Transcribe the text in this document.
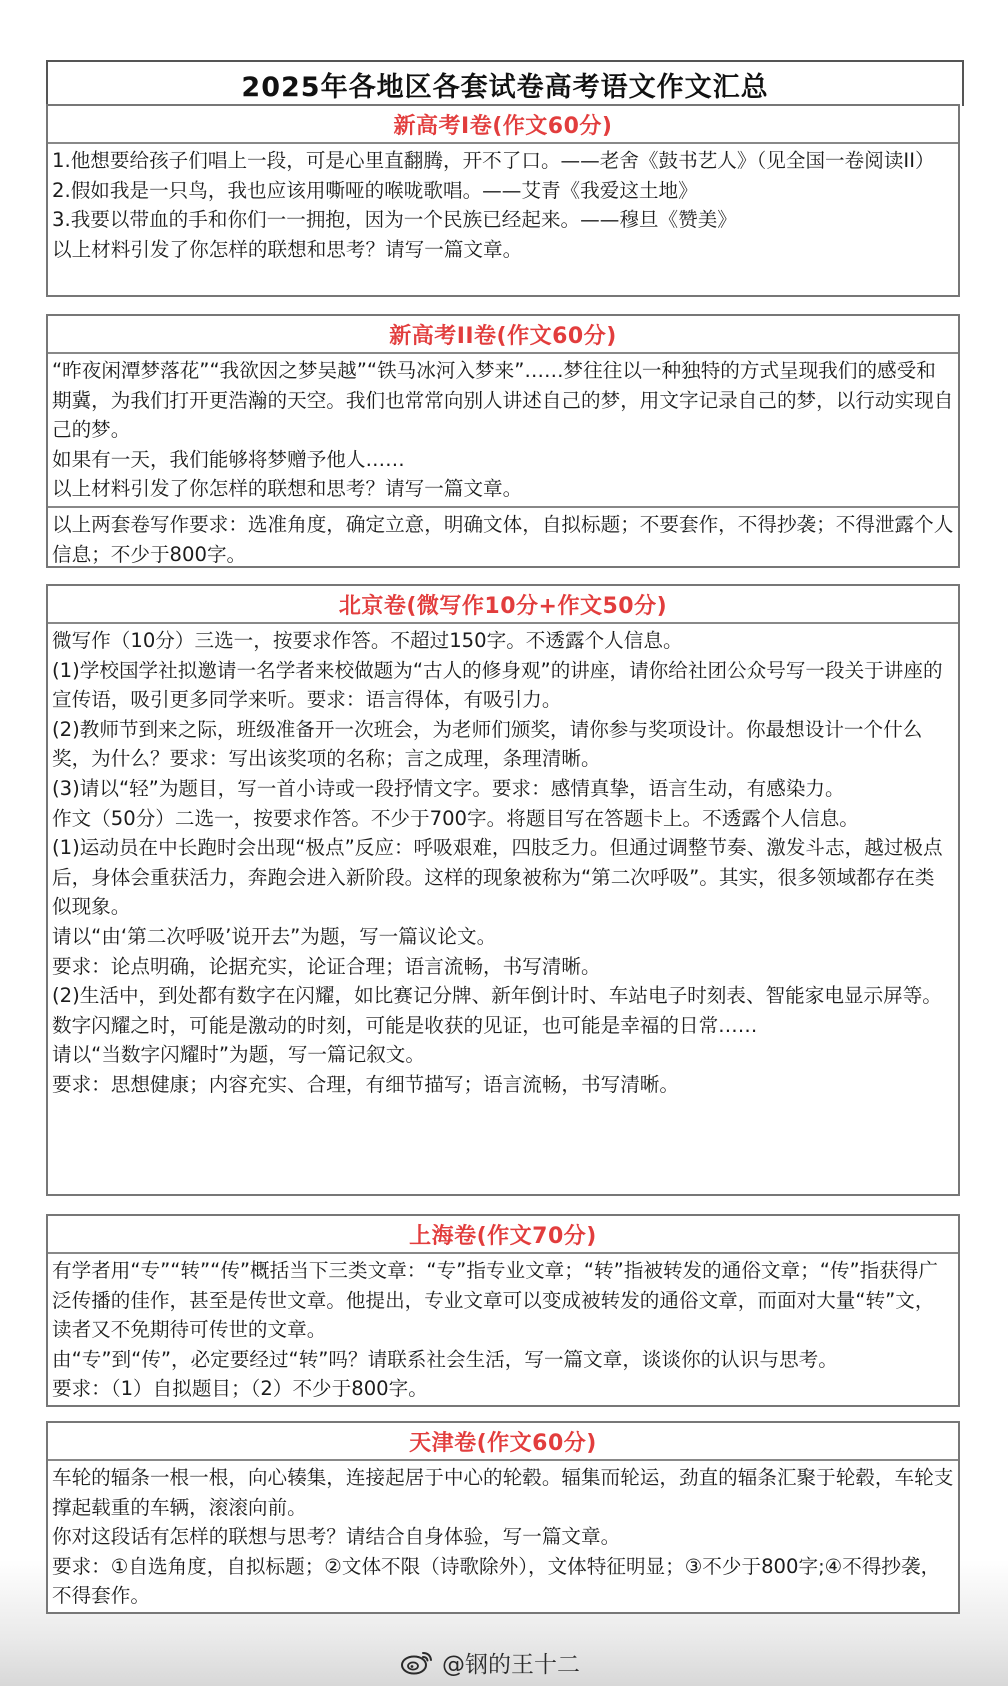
2025年各地区各套试卷高考语文作文汇总
新高考I卷(作文60分)

1.他想要给孩子们唱上一段，可是心里直翻腾，开不了口。——老舍《鼓书艺人》（见全国一卷阅读II）

2.假如我是一只鸟，我也应该用嘶哑的喉咙歌唱。——艾青《我爱这土地》

3.我要以带血的手和你们一一拥抱，因为一个民族已经起来。——穆旦《赞美》

以上材料引发了你怎样的联想和思考？请写一篇文章。

新高考II卷(作文60分)

“昨夜闲潭梦落花”“我欲因之梦吴越”“铁马冰河入梦来”……梦往往以一种独特的方式呈现我们的感受和期冀，为我们打开更浩瀚的天空。我们也常常向别人讲述自己的梦，用文字记录自己的梦，以行动实现自己的梦。

如果有一天，我们能够将梦赠予他人……

以上材料引发了你怎样的联想和思考？请写一篇文章。

以上两套卷写作要求：选准角度，确定立意，明确文体，自拟标题；不要套作，不得抄袭；不得泄露个人信息；不少于800字。
北京卷(微写作10分+作文50分)

微写作（10分）三选一，按要求作答。不超过150字。不透露个人信息。

(1)学校国学社拟邀请一名学者来校做题为“古人的修身观”的讲座，请你给社团公众号写一段关于讲座的宣传语，吸引更多同学来听。要求：语言得体，有吸引力。

(2)教师节到来之际，班级准备开一次班会，为老师们颁奖，请你参与奖项设计。你最想设计一个什么奖，为什么？要求：写出该奖项的名称；言之成理，条理清晰。

(3)请以“轻”为题目，写一首小诗或一段抒情文字。要求：感情真挚，语言生动，有感染力。

作文（50分）二选一，按要求作答。不少于700字。将题目写在答题卡上。不透露个人信息。

(1)运动员在中长跑时会出现“极点”反应：呼吸艰难，四肢乏力。但通过调整节奏、激发斗志，越过极点后，身体会重获活力，奔跑会进入新阶段。这样的现象被称为“第二次呼吸”。其实，很多领域都存在类似现象。

请以“由‘第二次呼吸’说开去”为题，写一篇议论文。

要求：论点明确，论据充实，论证合理；语言流畅，书写清晰。

(2)生活中，到处都有数字在闪耀，如比赛记分牌、新年倒计时、车站电子时刻表、智能家电显示屏等。数字闪耀之时，可能是激动的时刻，可能是收获的见证，也可能是幸福的日常……

请以“当数字闪耀时”为题，写一篇记叙文。

要求：思想健康；内容充实、合理，有细节描写；语言流畅，书写清晰。

上海卷(作文70分)

有学者用“专”“转”“传”概括当下三类文章：“专”指专业文章；“转”指被转发的通俗文章；“传”指获得广泛传播的佳作，甚至是传世文章。他提出，专业文章可以变成被转发的通俗文章，而面对大量“转”文，读者又不免期待可传世的文章。

由“专”到“传”，必定要经过“转”吗？请联系社会生活，写一篇文章，谈谈你的认识与思考。

要求：（1）自拟题目；（2）不少于800字。

天津卷(作文60分)

车轮的辐条一根一根，向心辏集，连接起居于中心的轮毂。辐集而轮运，劲直的辐条汇聚于轮毂，车轮支撑起载重的车辆，滚滚向前。

你对这段话有怎样的联想与思考？请结合自身体验，写一篇文章。

要求：①自选角度，自拟标题；②文体不限（诗歌除外），文体特征明显；③不少于800字;④不得抄袭，不得套作。

@钢的王十二
